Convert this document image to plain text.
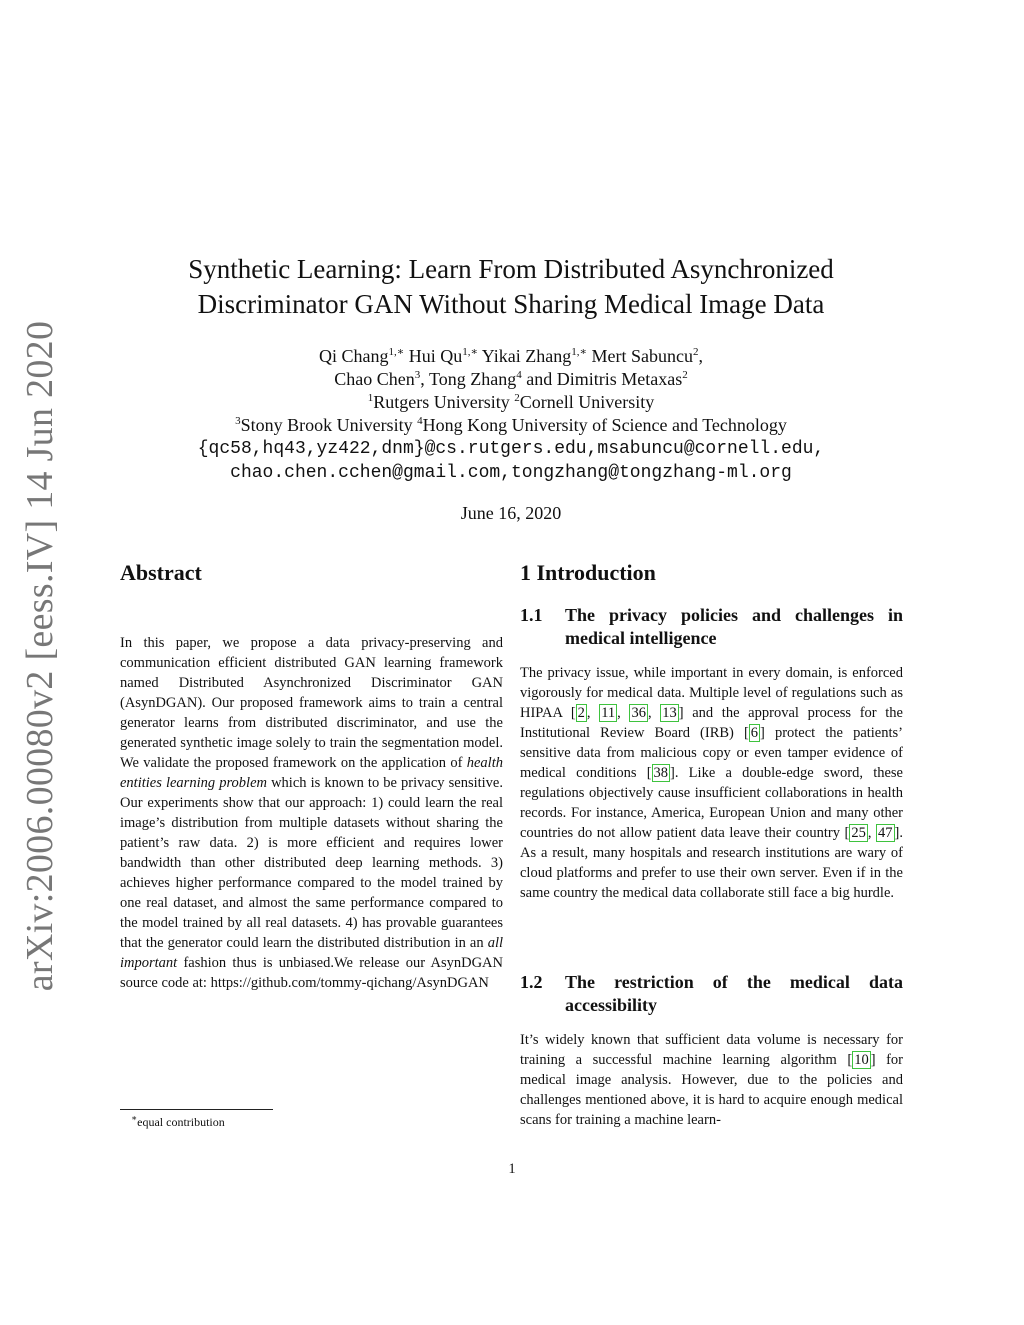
arXiv:2006.00080v2 [eess.IV] 14 Jun 2020
Synthetic Learning: Learn From Distributed Asynchronized
Discriminator GAN Without Sharing Medical Image Data
Qi Chang$^{1,∗}$ Hui $Qu^{1,∗}$ Yikai Zhang$^{1,∗}$ Mert Sabuncu$^2$,
Chao Chen$^3$, Tong Zhang$^4$ and Dimitris Metaxas$^2$
$^1$Rutgers University $^2$Cornell University
$^3$Stony Brook University $^4$Hong Kong University of Science and Technology
{qc58,hq43,yz422,dnm}@cs.rutgers.edu,msabuncu@cornell.edu,
chao.chen.cchen@gmail.com,tongzhang@tongzhang-ml.org
June 16, 2020
Abstract
In this paper, we propose a data privacy-preserving and communication efficient distributed GAN learning framework named Distributed Asynchronized Discriminator GAN (AsynDGAN). Our proposed framework aims to train a central generator learns from distributed discriminator, and use the generated synthetic image solely to train the segmentation model. We validate the proposed framework on the application of health entities learning problem which is known to be privacy sensitive. Our experiments show that our approach: 1) could learn the real image’s distribution from multiple datasets without sharing the patient’s raw data. 2) is more efficient and requires lower bandwidth than other distributed deep learning methods. 3) achieves higher performance compared to the model trained by one real dataset, and almost the same performance compared to the model trained by all real datasets. 4) has provable guarantees that the generator could learn the distributed distribution in an all important fashion thus is unbiased.We release our AsynDGAN source code at: https://github.com/tommy-qichang/AsynDGAN
∗equal contribution
1 Introduction
1.1 The privacy policies and challenges in medical intelligence
The privacy issue, while important in every domain, is enforced vigorously for medical data. Multiple level of regulations such as HIPAA [ 2 , 11 , 36 , 13 ] and the approval process for the Institutional Review Board (IRB) [ 6 ] protect the patients’ sensitive data from malicious copy or even tamper evidence of medical conditions [ 38 ]. Like a double-edge sword, these regulations objectively cause insufficient collaborations in health records. For instance, America, European Union and many other countries do not allow patient data leave their country [ 25 , 47 ]. As a result, many hospitals and research institutions are wary of cloud platforms and prefer to use their own server. Even if in the same country the medical data collaborate still face a big hurdle.
1.2 The restriction of the medical data accessibility
It’s widely known that sufficient data volume is necessary for training a successful machine learning algorithm [ 10 ] for medical image analysis. However, due to the policies and challenges mentioned above, it is hard to acquire enough medical scans for training a machine learn-
1
